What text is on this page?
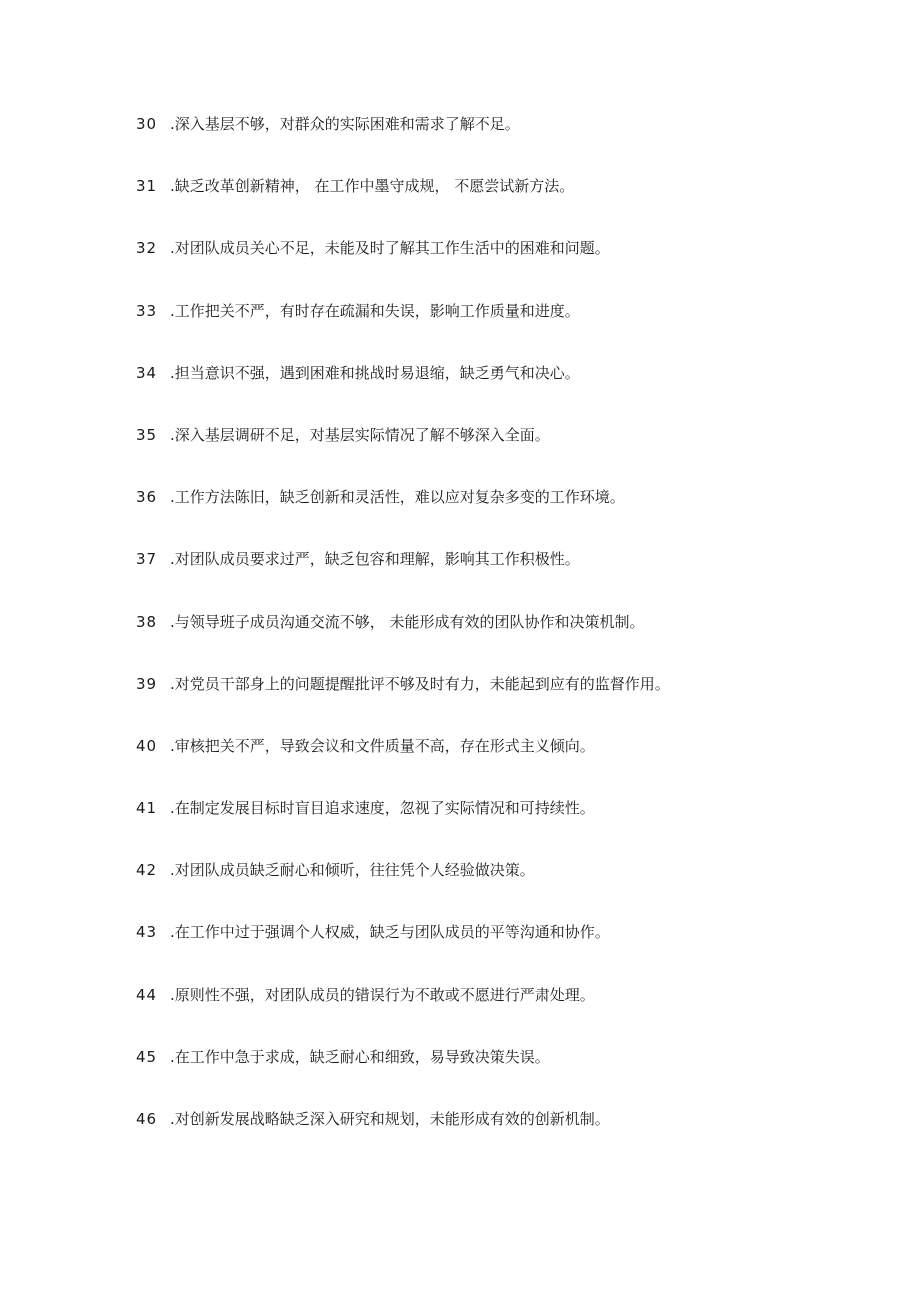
30 .深入基层不够，对群众的实际困难和需求了解不足。
31 .缺乏改革创新精神， 在工作中墨守成规， 不愿尝试新方法。
32 .对团队成员关心不足，未能及时了解其工作生活中的困难和问题。
33 .工作把关不严，有时存在疏漏和失误，影响工作质量和进度。
34 .担当意识不强，遇到困难和挑战时易退缩，缺乏勇气和决心。
35 .深入基层调研不足，对基层实际情况了解不够深入全面。
36 .工作方法陈旧，缺乏创新和灵活性，难以应对复杂多变的工作环境。
37 .对团队成员要求过严，缺乏包容和理解，影响其工作积极性。
38 .与领导班子成员沟通交流不够， 未能形成有效的团队协作和决策机制。
39 .对党员干部身上的问题提醒批评不够及时有力，未能起到应有的监督作用。
40 .审核把关不严，导致会议和文件质量不高，存在形式主义倾向。
41 .在制定发展目标时盲目追求速度，忽视了实际情况和可持续性。
42 .对团队成员缺乏耐心和倾听，往往凭个人经验做决策。
43 .在工作中过于强调个人权威，缺乏与团队成员的平等沟通和协作。
44 .原则性不强，对团队成员的错误行为不敢或不愿进行严肃处理。
45 .在工作中急于求成，缺乏耐心和细致，易导致决策失误。
46 .对创新发展战略缺乏深入研究和规划，未能形成有效的创新机制。
